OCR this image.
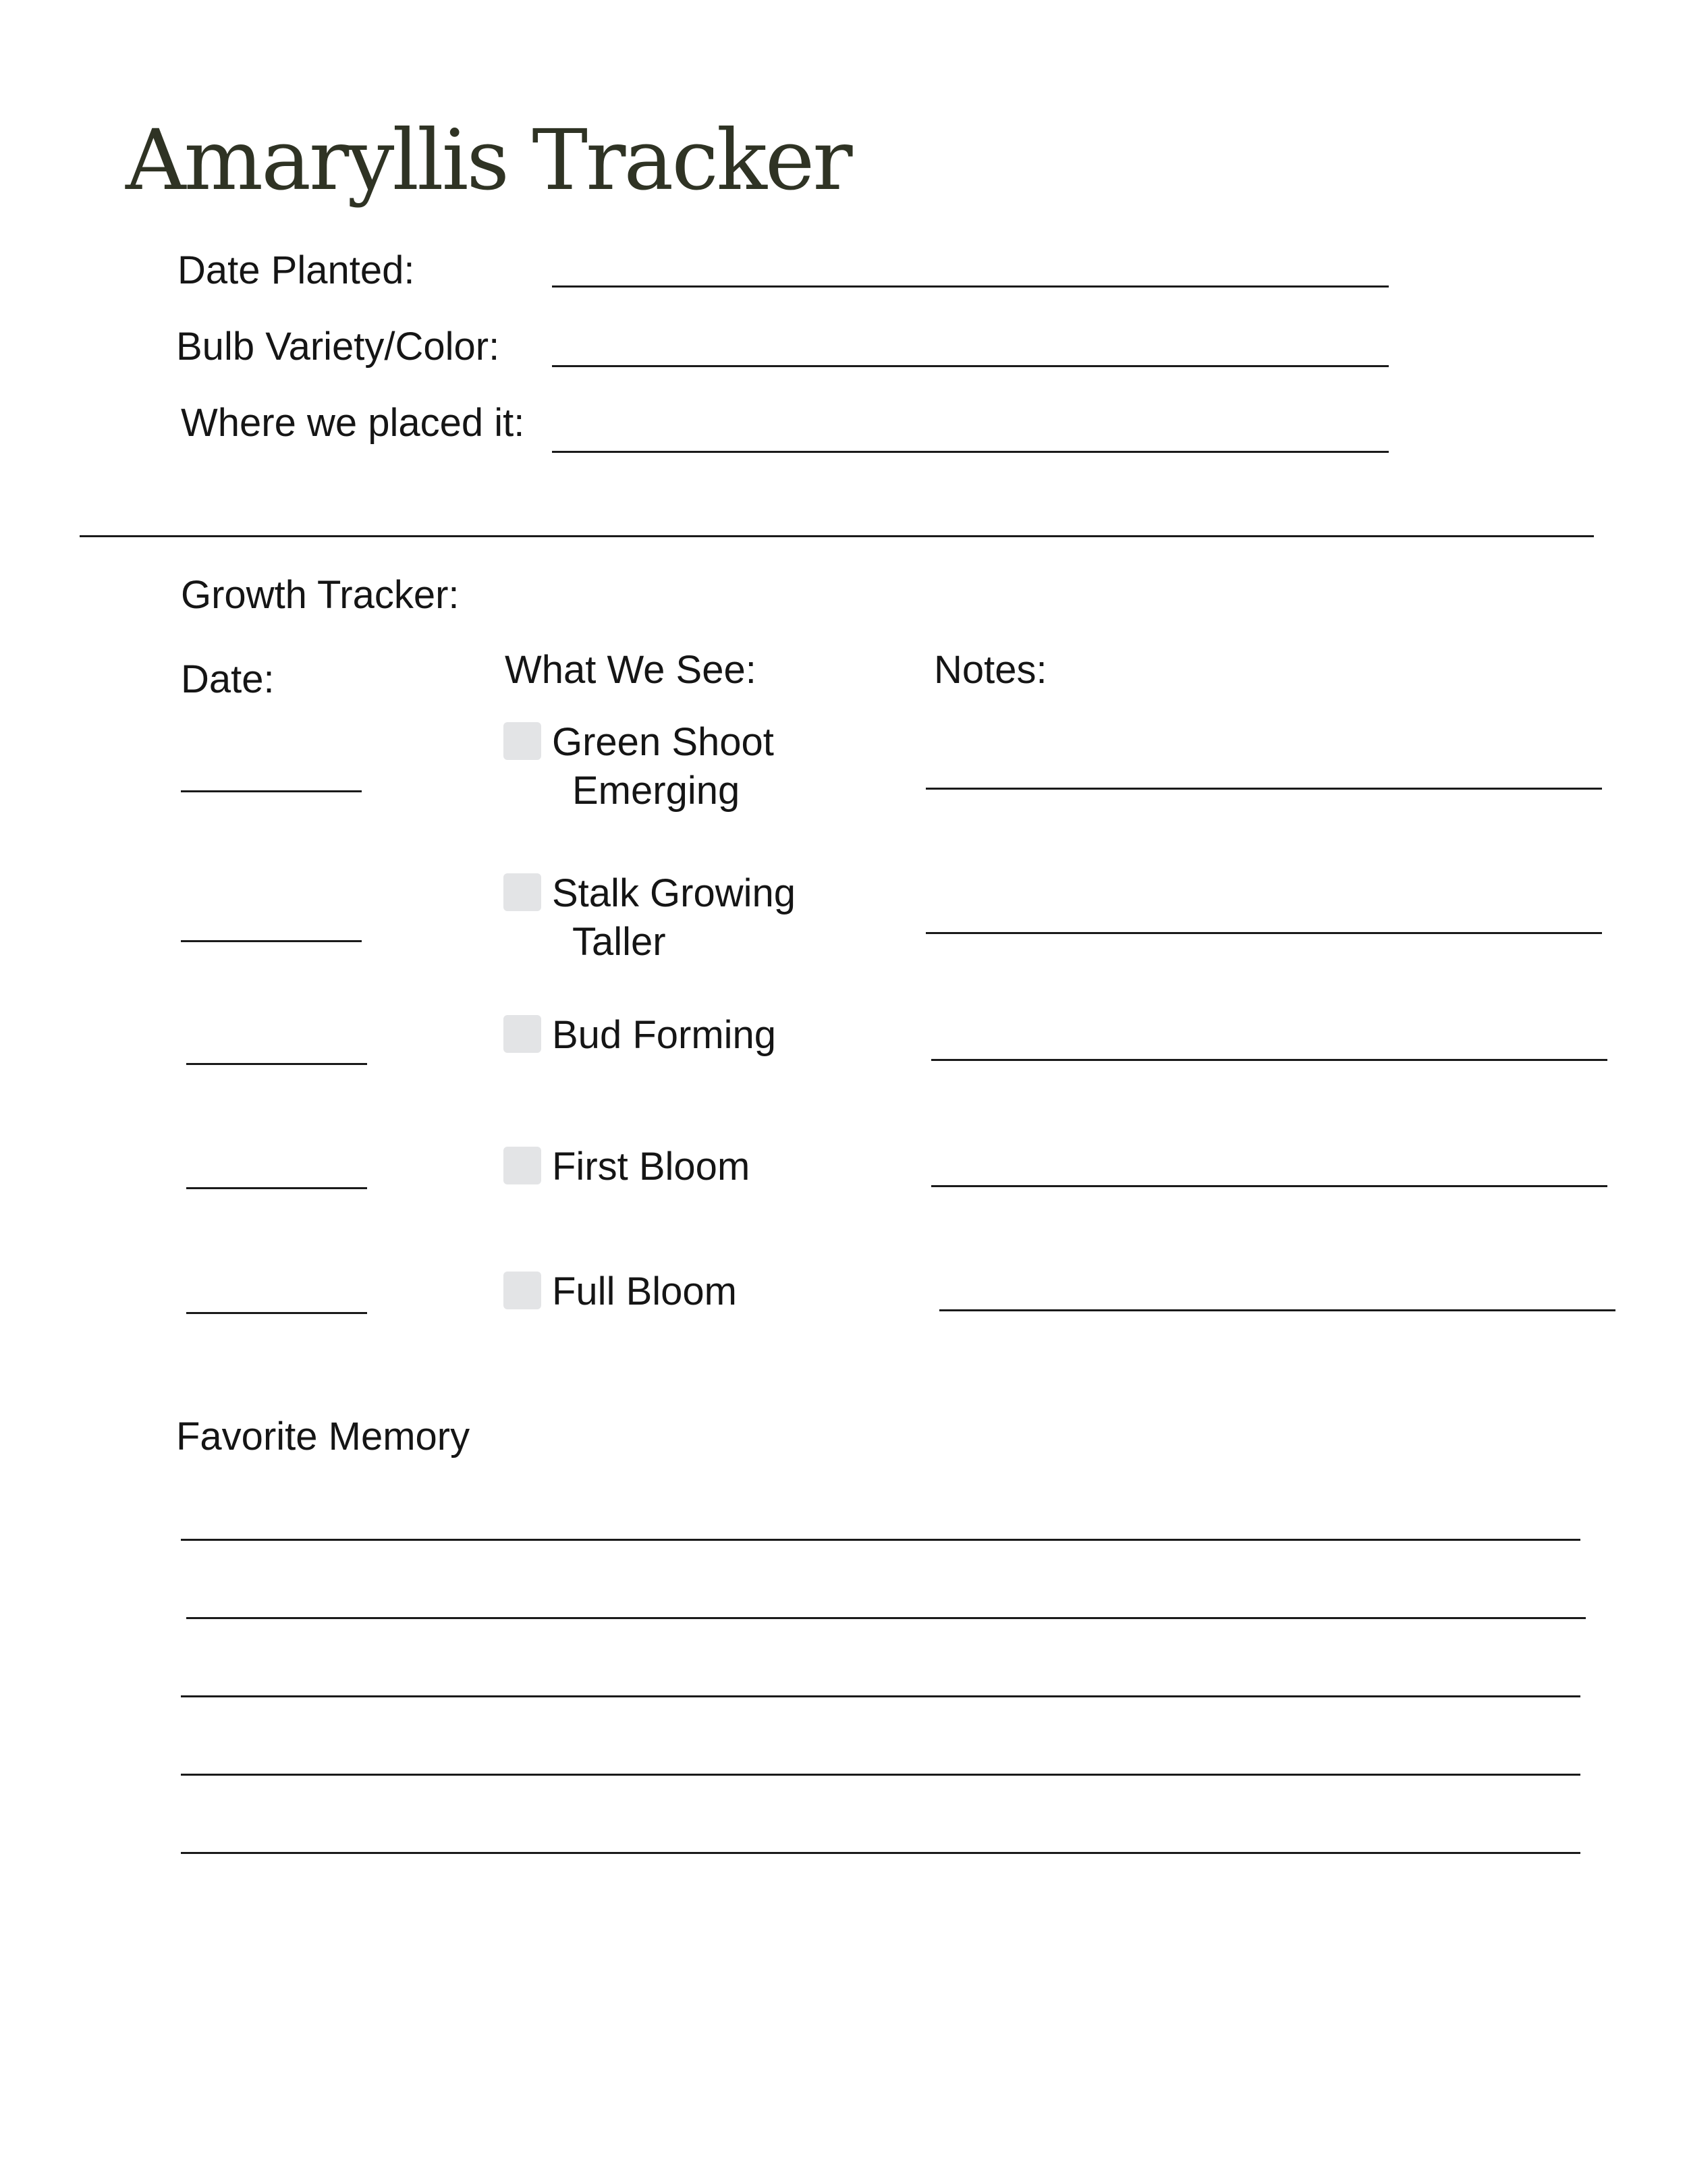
Amaryllis Tracker
Date Planted:
Bulb Variety/Color:
Where we placed it:
Growth Tracker:
Date:	What We See:	Notes:
Green Shoot
Emerging
Stalk Growing
Taller
Bud Forming
First Bloom
Full Bloom
Favorite Memory
